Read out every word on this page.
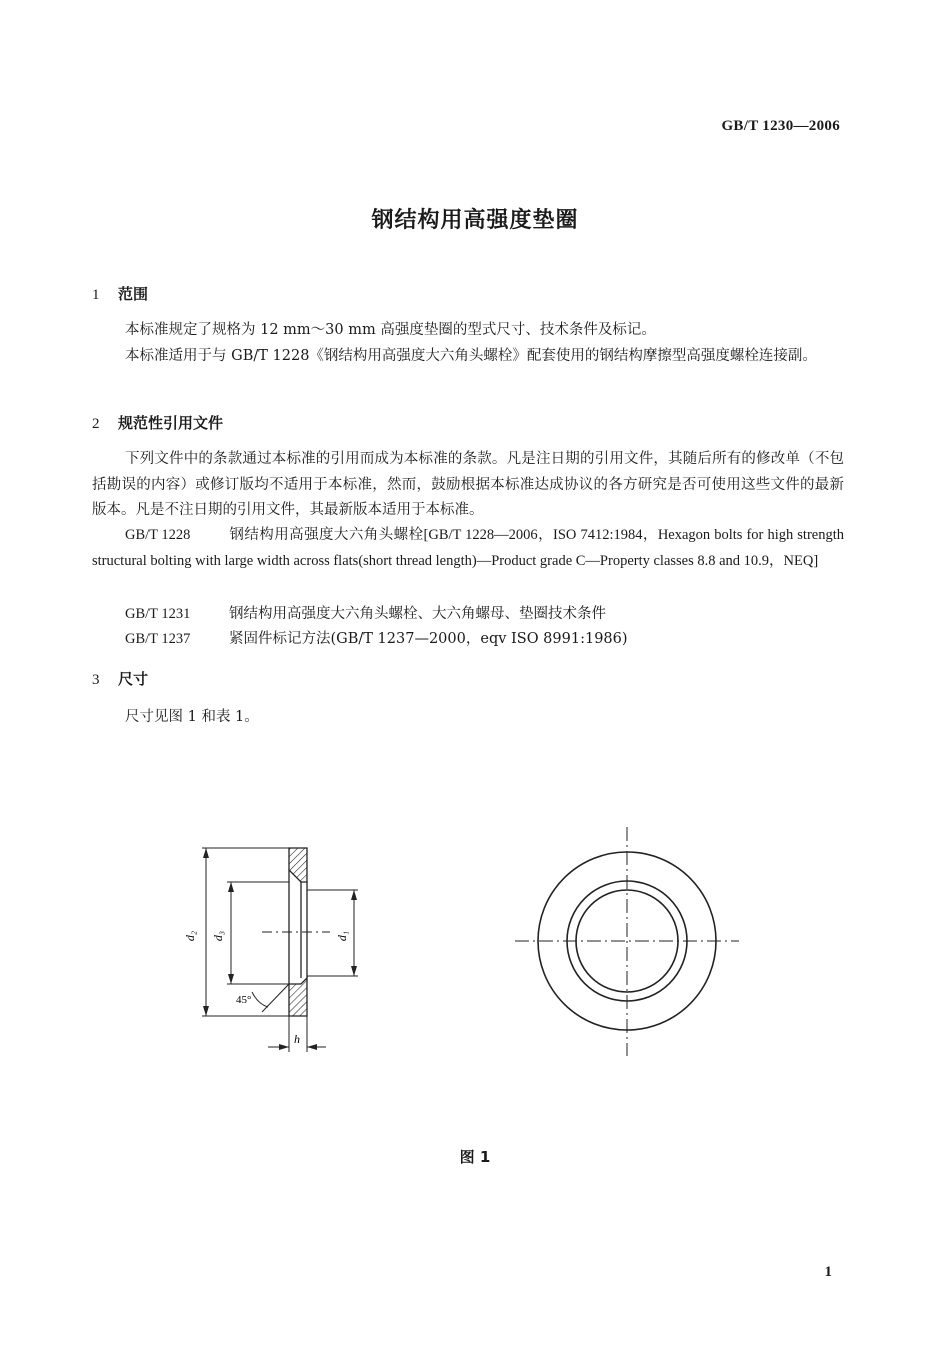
GB/T 1230—2006
钢结构用高强度垫圈
1 范围
本标准规定了规格为 12 mm～30 mm 高强度垫圈的型式尺寸、技术条件及标记。
本标准适用于与 GB/T 1228《钢结构用高强度大六角头螺栓》配套使用的钢结构摩擦型高强度螺栓连接副。
2 规范性引用文件
下列文件中的条款通过本标准的引用而成为本标准的条款。凡是注日期的引用文件，其随后所有的修改单（不包括勘误的内容）或修订版均不适用于本标准，然而，鼓励根据本标准达成协议的各方研究是否可使用这些文件的最新版本。凡是不注日期的引用文件，其最新版本适用于本标准。
GB/T 1228	钢结构用高强度大六角头螺栓[GB/T 1228—2006，ISO 7412:1984，Hexagon bolts for high strength structural bolting with large width across flats(short thread length)—Product grade C—Property classes 8.8 and 10.9，NEQ]
GB/T 1231	钢结构用高强度大六角头螺栓、大六角螺母、垫圈技术条件
GB/T 1237	紧固件标记方法(GB/T 1237—2000，eqv ISO 8991:1986)
3 尺寸
尺寸见图 1 和表 1。
d₂ d₃	d₁
45°
h
图 1
1
